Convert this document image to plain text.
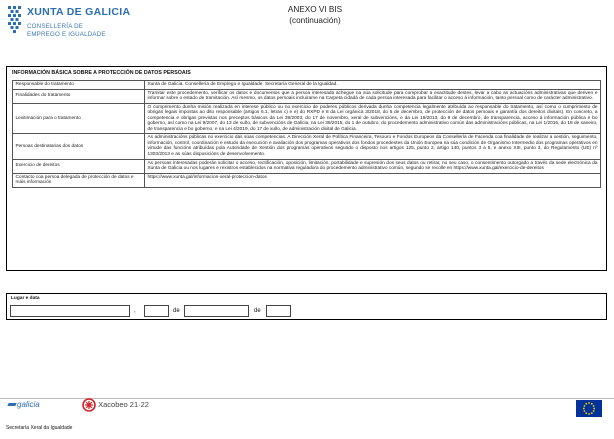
XUNTA DE GALICIA
CONSELLERÍA DE
EMPREGO E IGUALDADE
ANEXO VI BIS
(continuación)
INFORMACIÓN BÁSICA SOBRE A PROTECCIÓN DE DATOS PERSOAIS
Responsable do tratamento	Xunta de Galicia. Consellería de Emprego e Igualdade. Secretaría General de la Igualdad.
Finalidades do tratamento	Tramitar este procedemento, verificar os datos e documentos que a persoa interesada achegue na súa solicitude para comprobar a exactitude destes, levar a cabo as actuacións administrativas que deriven e informar sobre o estado de tramitación. Así mesmo, os datos persoais incluirame na Carpeta cidadá de cada persoa interesada para facilitar o acceso á información, tanto persoal como de carácter administrativo.
Lexitimación para o tratamento	O cumprimento dunha misión realizada en interese público ou no exercicio de poderes públicos derivada dunha competencia legalmente atribuída ao responsable do tratamento, así como o cumprimento de obrigas legais impostas ao dito responsable (artigos 6.1, letras c) e e) do RXPD e 8 da Lei orgánica 3/2018, do 5 de decembro, de protección de datos persoais e garantía dos dereitos dixitais). En concreto, a competencia e obrigas previstas nos preceptos básicos da Lei 38/2003, do 17 de novembro, xeral de subvencións, e da Lei 19/2013, do 9 de decembro, de transparencia, acceso á información pública e bo goberno, así como na Lei 9/2007, do 13 de xuño, de subvencións de Galicia, na Lei 39/2015, do 1 de outubro, do procedemento administrativo común das administracións públicas, na Lei 1/2016, do 18 de xaneiro, de transparencia e bo goberno, e na Lei 4/2019, do 17 de xullo, de administración dixital de Galicia.
Persoas destinatarias dos datos	As administracións públicas no exercicio das súas competencias. A Dirección Xeral de Política Financeira, Tesouro e Fondos Europeos da Consellería de Facenda coa finalidade de realizar a xestión, seguimento, información, control, coordinación e estudo da execución e avaliación dos programas operativos dos fondos procedentes da Unión Europea na súa condición de Organismo Intermedio dos programas operativos en virtude das funcións atribuídas pola Autoridade de Xestión dos programas operativos segundo o disposto nos artigos 125, punto 2, artigo 140, puntos 3 a 5, e anexo XIII, punto 3, do Regulamento (UE) nº 1303/2013 e as súas disposicións de desenvolvemento.
Exercicio de dereitos	As persoas interesadas poderán solicitar o acceso, rectificación, oposición, limitación, portabilidade e supresión dos seus datos ou retirar, no seu caso, o consentimento outorgado a través da sede electrónica da Xunta de Galicia ou nos lugares e rexistros establecidos na normativa reguladora do procedemento administrativo común, segundo se recolle en https://www.xunta.gal/exercicio-de-dereitos
Contacto coa persoa delegada de protección de datos e máis información	https://www.xunta.gal/informacion-xeral-proteccion-datos
Lugar e data
,	de	de
galicia	Xacobeo 21·22
Secretaría Xeral da Igualdade
